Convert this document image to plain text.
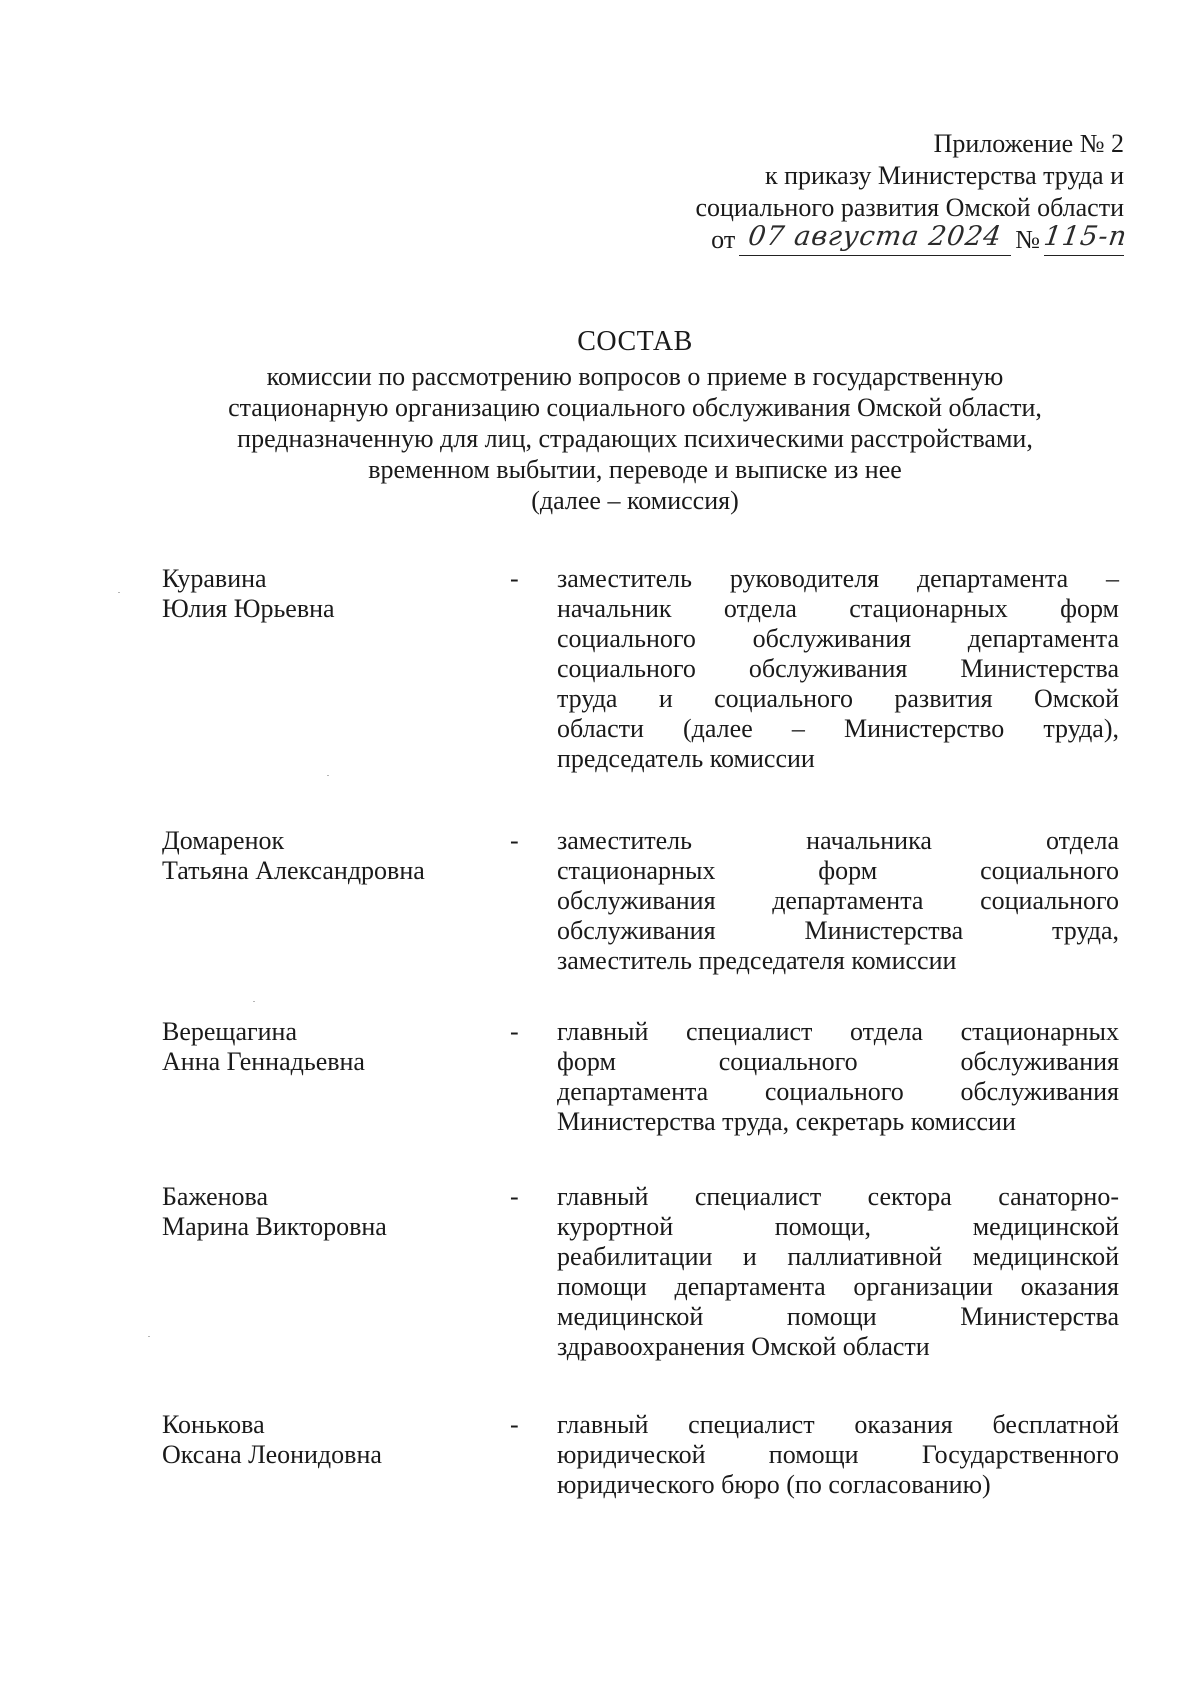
Приложение № 2
к приказу Министерства труда и
социального развития Омской области
от 07 августа 2024 № 115-п
СОСТАВ
комиссии по рассмотрению вопросов о приеме в государственную
стационарную организацию социального обслуживания Омской области,
предназначенную для лиц, страдающих психическими расстройствами,
временном выбытии, переводе и выписке из нее
(далее – комиссия)
Куравина
Юлия Юрьевна
- заместитель руководителя департамента –
начальник отдела стационарных форм
социального обслуживания департамента
социального обслуживания Министерства
труда и социального развития Омской
области (далее – Министерство труда),
председатель комиссии
Домаренок
Татьяна Александровна
- заместитель начальника отдела
стационарных форм социального
обслуживания департамента социального
обслуживания Министерства труда,
заместитель председателя комиссии
Верещагина
Анна Геннадьевна
- главный специалист отдела стационарных
форм социального обслуживания
департамента социального обслуживания
Министерства труда, секретарь комиссии
Баженова
Марина Викторовна
- главный специалист сектора санаторно-
курортной помощи, медицинской
реабилитации и паллиативной медицинской
помощи департамента организации оказания
медицинской помощи Министерства
здравоохранения Омской области
Конькова
Оксана Леонидовна
- главный специалист оказания бесплатной
юридической помощи Государственного
юридического бюро (по согласованию)
